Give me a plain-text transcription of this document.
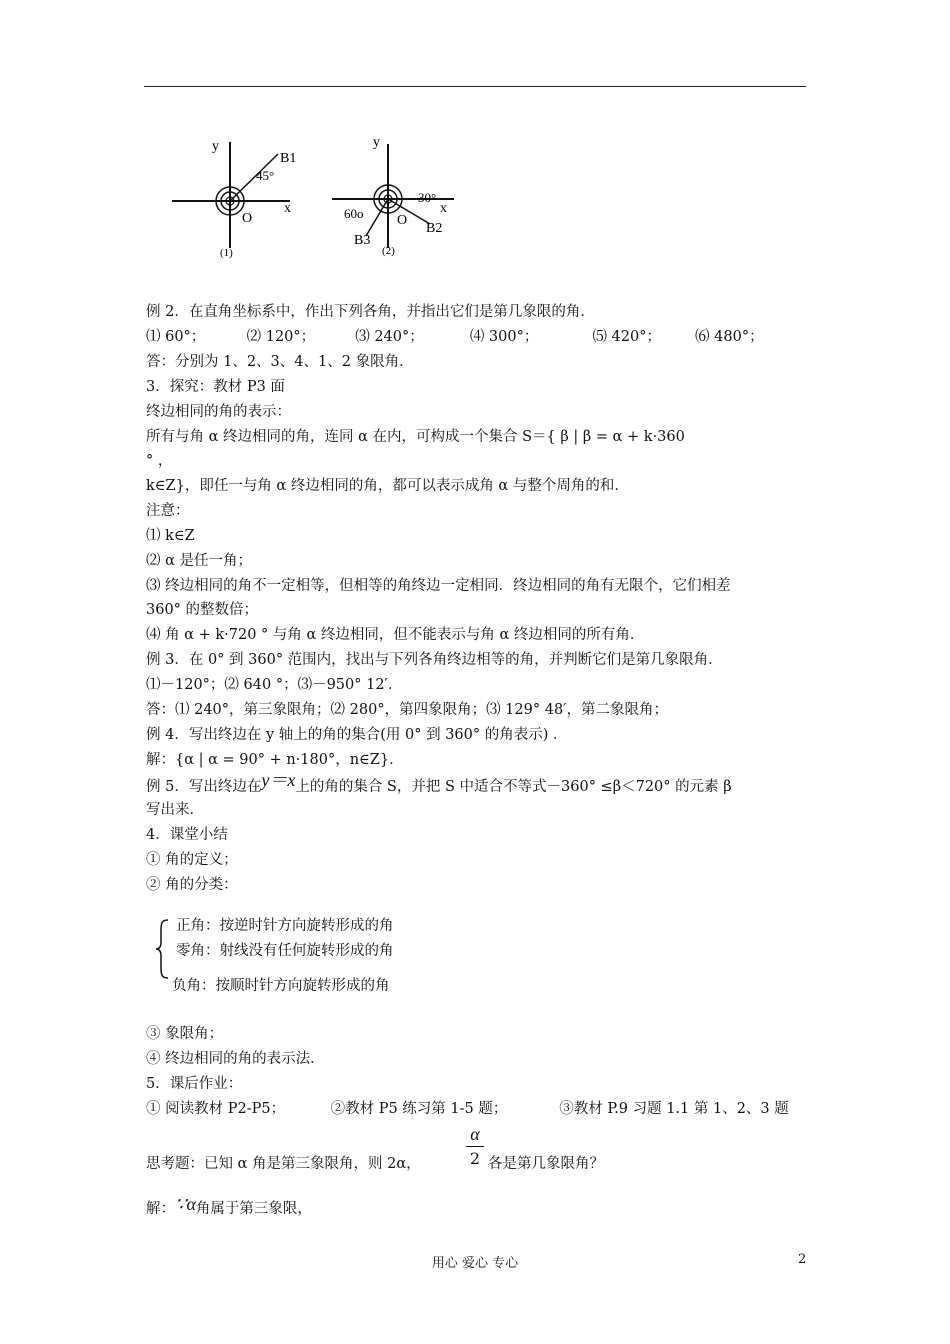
y
x
O
B1
45°
(1)
y
x
O
30°
60o
B2
B3
(2)
例 2．在直角坐标系中，作出下列各角，并指出它们是第几象限的角．
⑴ 60°；	⑵ 120°；	⑶ 240°；	⑷ 300°；	⑸ 420°； ⑹ 480°；
答：分别为 1、2、3、4、1、2 象限角．
3．探究：教材 P3 面
终边相同的角的表示：
所有与角 α 终边相同的角，连同 α 在内，可构成一个集合 S＝{ β | β = α + k·360
° ，
k∈Z}，即任一与角 α 终边相同的角，都可以表示成角 α 与整个周角的和．
注意：
⑴ k∈Z
⑵ α 是任一角；
⑶ 终边相同的角不一定相等，但相等的角终边一定相同．终边相同的角有无限个，它们相差
360° 的整数倍；
⑷ 角 α + k·720 ° 与角 α 终边相同，但不能表示与角 α 终边相同的所有角．
例 3．在 0° 到 360° 范围内，找出与下列各角终边相等的角，并判断它们是第几象限角．
⑴－120°；⑵ 640 °；⑶－950° 12′．
答：⑴ 240°，第三象限角；⑵ 280°，第四象限角；⑶ 129° 48′，第二象限角；
例 4．写出终边在 y 轴上的角的集合(用 0° 到 360° 的角表示) ．
解：{α | α = 90° + n·180°，n∈Z}．
例 5．写出终边在y＝x上的角的集合 S，并把 S 中适合不等式－360° ≤β＜720° 的元素 β
写出来．
4．课堂小结
① 角的定义；
② 角的分类：
正角：按逆时针方向旋转形成的角
零角：射线没有任何旋转形成的角
负角：按顺时针方向旋转形成的角
③ 象限角；
④ 终边相同的角的表示法．
5．课后作业：
① 阅读教材 P2-P5；	②教材 P5 练习第 1-5 题；	③教材 P.9 习题 1.1 第 1、2、3 题
α
2
思考题：已知 α 角是第三象限角，则 2α，	各是第几象限角？
解：∵α角属于第三象限，
用心 爱心 专心	2
